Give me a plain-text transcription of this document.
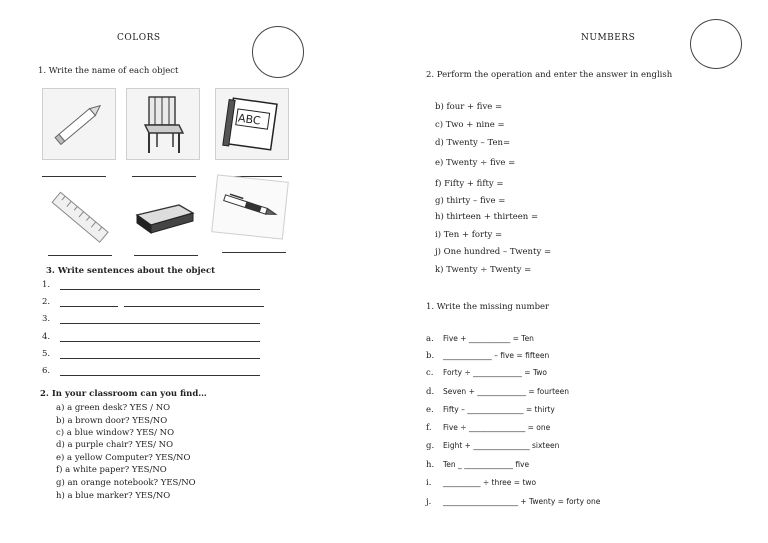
COLORS
1. Write the name of each object
ABC
3. Write sentences about the object
1.
2.
3.
4.
5.
6.
2. In your classroom can you find…
a) a green desk? YES / NO
b) a brown door? YES/NO
c) a blue window? YES/ NO
d) a purple chair? YES/ NO
e) a yellow Computer? YES/NO
f) a white paper? YES/NO
g) an orange notebook? YES/NO
h) a blue marker? YES/NO
NUMBERS
2. Perform the operation and enter the answer in english
b) four + five =
c) Two + nine =
d) Twenty – Ten=
e) Twenty ÷ five =
f) Fifty + fifty =
g) thirty – five =
h) thirteen + thirteen =
i) Ten + forty =
j) One hundred – Twenty =
k) Twenty ÷ Twenty =
1. Write the missing number
a. Five + ___________ = Ten
b. _____________ – five = fifteen
c. Forty ÷ _____________ = Two
d. Seven + _____________ = fourteen
e. Fifty – _______________ = thirty
f. Five ÷ _______________ = one
g. Eight + _______________ sixteen
h. Ten _ _____________ five
i. __________ ÷ three = two
j. ____________________ + Twenty = forty one
